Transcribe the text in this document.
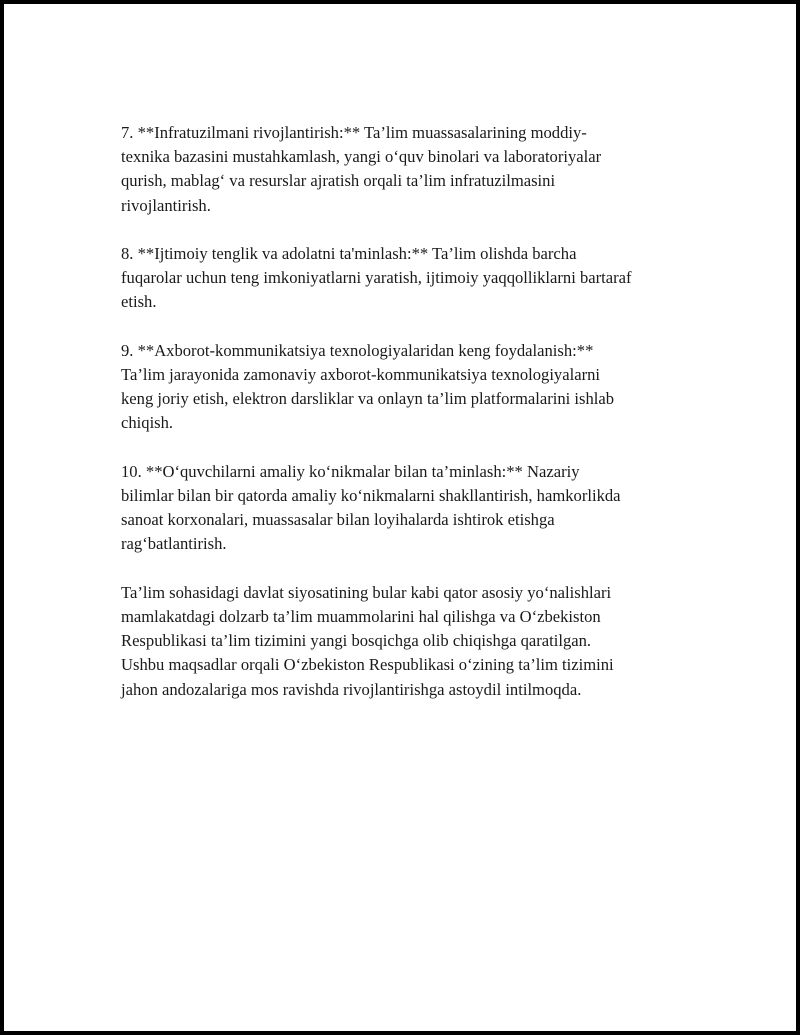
7. **Infratuzilmani rivojlantirish:** Ta’lim muassasalarining moddiy-
texnika bazasini mustahkamlash, yangi o‘quv binolari va laboratoriyalar
qurish, mablag‘ va resurslar ajratish orqali ta’lim infratuzilmasini
rivojlantirish.

8. **Ijtimoiy tenglik va adolatni ta'minlash:** Ta’lim olishda barcha
fuqarolar uchun teng imkoniyatlarni yaratish, ijtimoiy yaqqolliklarni bartaraf
etish.

9. **Axborot-kommunikatsiya texnologiyalaridan keng foydalanish:**
Ta’lim jarayonida zamonaviy axborot-kommunikatsiya texnologiyalarni
keng joriy etish, elektron darsliklar va onlayn ta’lim platformalarini ishlab
chiqish.

10. **O‘quvchilarni amaliy ko‘nikmalar bilan ta’minlash:** Nazariy
bilimlar bilan bir qatorda amaliy ko‘nikmalarni shakllantirish, hamkorlikda
sanoat korxonalari, muassasalar bilan loyihalarda ishtirok etishga
rag‘batlantirish.

Ta’lim sohasidagi davlat siyosatining bular kabi qator asosiy yo‘nalishlari
mamlakatdagi dolzarb ta’lim muammolarini hal qilishga va O‘zbekiston
Respublikasi ta’lim tizimini yangi bosqichga olib chiqishga qaratilgan.
Ushbu maqsadlar orqali O‘zbekiston Respublikasi o‘zining ta’lim tizimini
jahon andozalariga mos ravishda rivojlantirishga astoydil intilmoqda.
